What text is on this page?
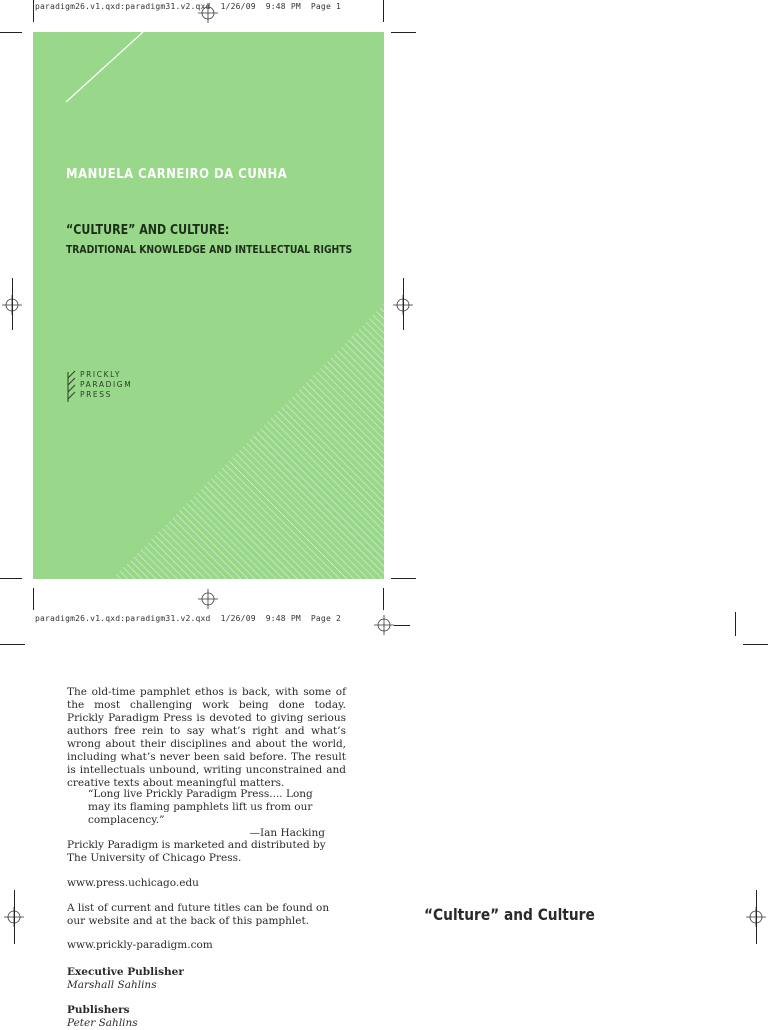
paradigm26.v1.qxd:paradigm31.v2.qxd  1/26/09  9:48 PM  Page 1
MANUELA CARNEIRO DA CUNHA
“CULTURE” AND CULTURE:
TRADITIONAL KNOWLEDGE AND INTELLECTUAL RIGHTS
PRICKLY
PARADIGM
PRESS
paradigm26.v1.qxd:paradigm31.v2.qxd  1/26/09  9:48 PM  Page 2

The old-time pamphlet ethos is back, with some of the most challenging work being done today. Prickly Paradigm Press is devoted to giving serious authors free rein to say what’s right and what’s wrong about their disciplines and about the world, including what’s never been said before. The result is intellectuals unbound, writing unconstrained and creative texts about meaningful matters.

“Long live Prickly Paradigm Press.... Long may its flaming pamphlets lift us from our complacency.”

—Ian Hacking
Prickly Paradigm is marketed and distributed by
The University of Chicago Press.
www.press.uchicago.edu

A list of current and future titles can be found on our website and at the back of this pamphlet.

www.prickly-paradigm.com
Executive Publisher
Marshall Sahlins
Publishers
Peter Sahlins
“Culture” and Culture
